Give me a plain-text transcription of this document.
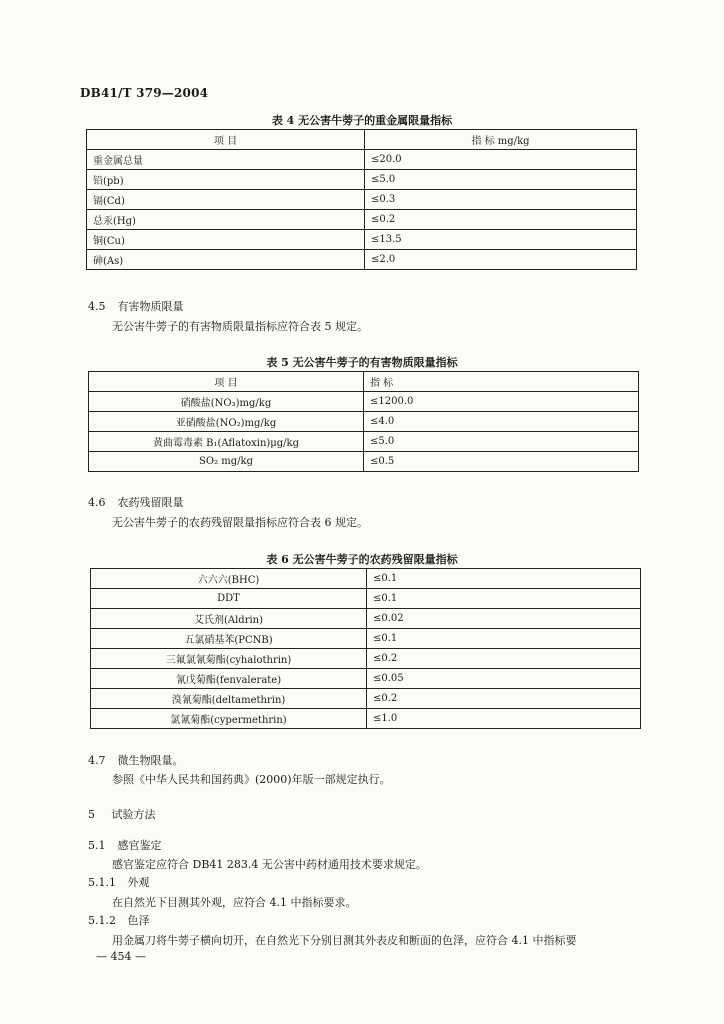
DB41/T 379—2004
表 4 无公害牛蒡子的重金属限量指标
项 目	指 标 mg/kg
重金属总量	≤20.0
铅(pb)	≤5.0
镉(Cd)	≤0.3
总汞(Hg)	≤0.2
铜(Cu)	≤13.5
砷(As)	≤2.0
4.5 有害物质限量
无公害牛蒡子的有害物质限量指标应符合表 5 规定。
表 5 无公害牛蒡子的有害物质限量指标
项 目	指 标
硝酸盐(NO₃)mg/kg	≤1200.0
亚硝酸盐(NO₂)mg/kg	≤4.0
黄曲霉毒素 B₁(Aflatoxin)μg/kg	≤5.0
SO₂ mg/kg	≤0.5
4.6 农药残留限量
无公害牛蒡子的农药残留限量指标应符合表 6 规定。
表 6 无公害牛蒡子的农药残留限量指标
六六六(BHC)	≤0.1
DDT	≤0.1
艾氏剂(Aldrin)	≤0.02
五氯硝基苯(PCNB)	≤0.1
三氟氯氰菊酯(cyhalothrin)	≤0.2
氰戊菊酯(fenvalerate)	≤0.05
溴氰菊酯(deltamethrin)	≤0.2
氯氰菊酯(cypermethrin)	≤1.0
4.7 微生物限量。
参照《中华人民共和国药典》(2000)年版一部规定执行。
5 试验方法
5.1 感官鉴定
感官鉴定应符合 DB41 283.4 无公害中药材通用技术要求规定。
5.1.1 外观
在自然光下目测其外观，应符合 4.1 中指标要求。
5.1.2 色泽
用金属刀将牛蒡子横向切开，在自然光下分别目测其外表皮和断面的色泽，应符合 4.1 中指标要
— 454 —
